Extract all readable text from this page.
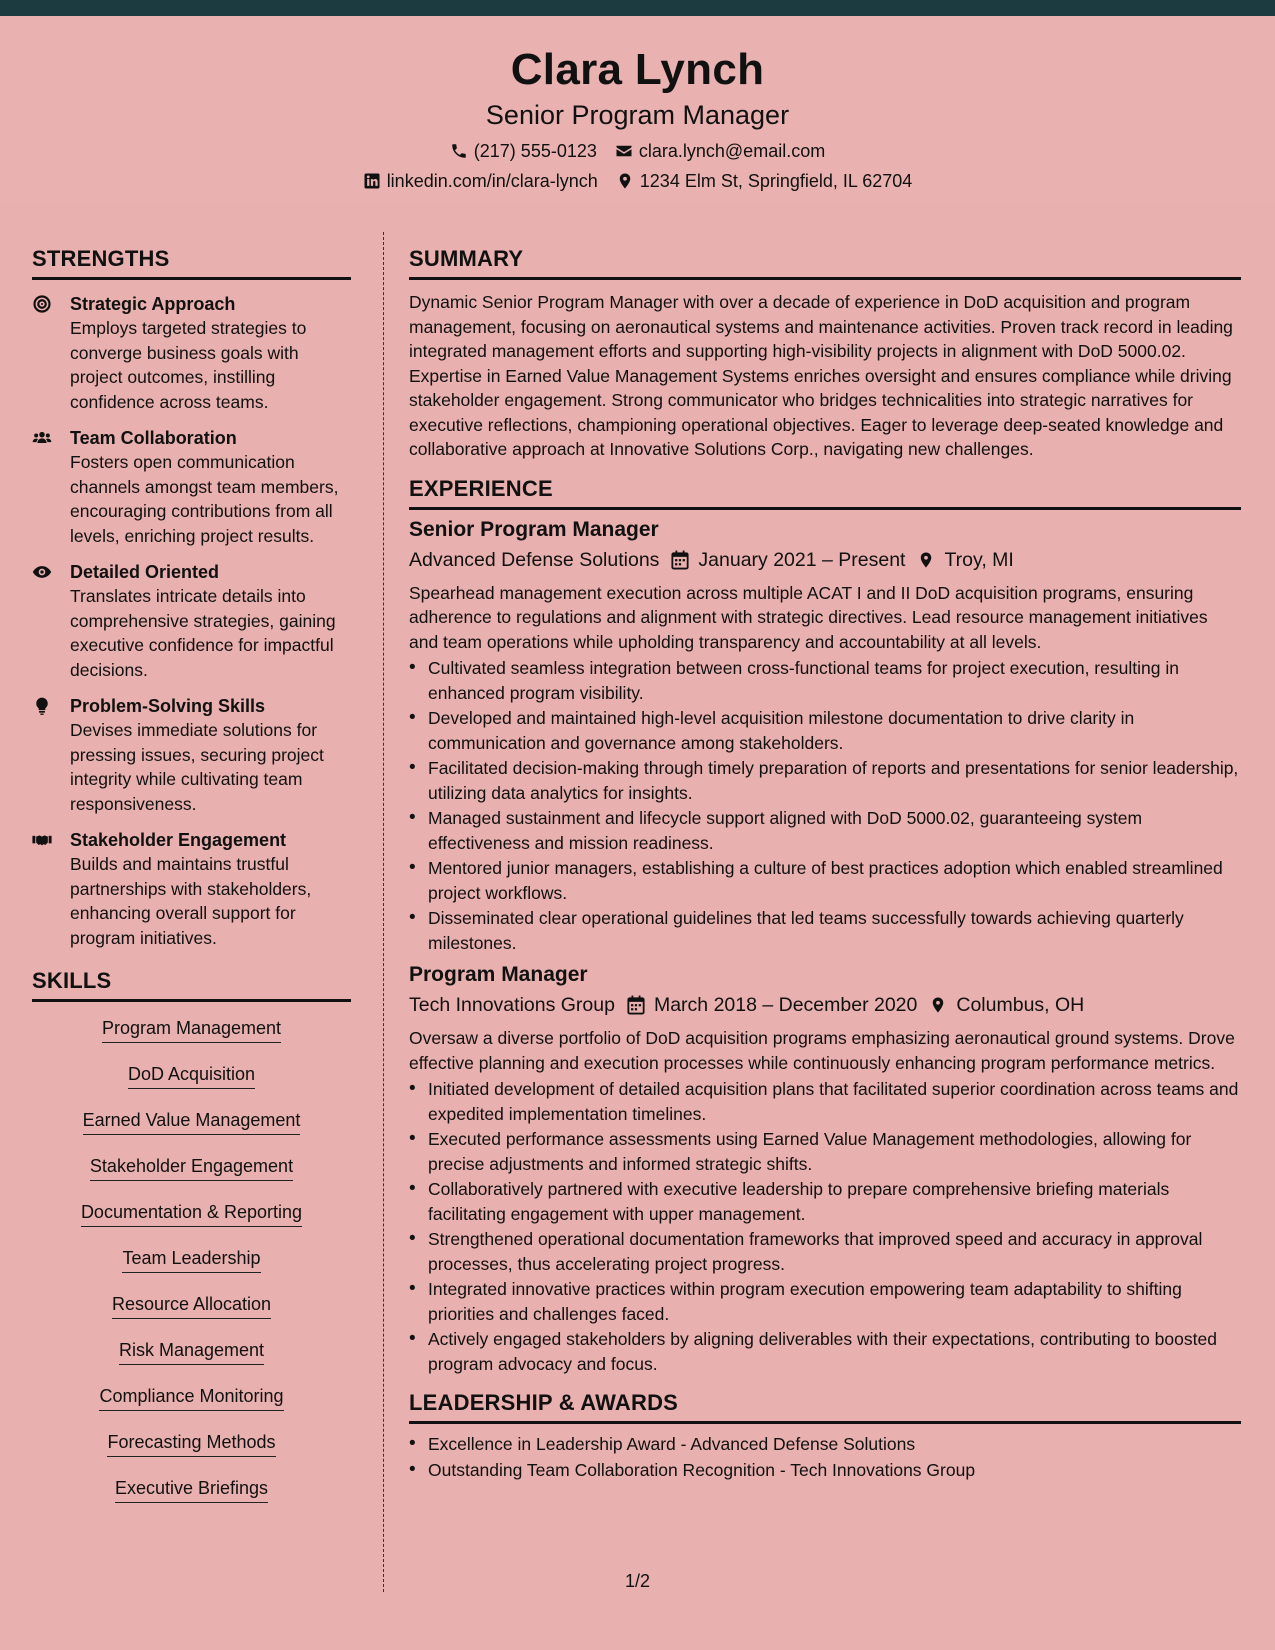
Clara Lynch
Senior Program Manager
(217) 555-0123 clara.lynch@email.com
linkedin.com/in/clara-lynch 1234 Elm St, Springfield, IL 62704
STRENGTHS
Strategic Approach
Employs targeted strategies to converge business goals with project outcomes, instilling confidence across teams.
Team Collaboration
Fosters open communication channels amongst team members, encouraging contributions from all levels, enriching project results.
Detailed Oriented
Translates intricate details into comprehensive strategies, gaining executive confidence for impactful decisions.
Problem-Solving Skills
Devises immediate solutions for pressing issues, securing project integrity while cultivating team responsiveness.
Stakeholder Engagement
Builds and maintains trustful partnerships with stakeholders, enhancing overall support for program initiatives.
SKILLS
Program Management
DoD Acquisition
Earned Value Management
Stakeholder Engagement
Documentation & Reporting
Team Leadership
Resource Allocation
Risk Management
Compliance Monitoring
Forecasting Methods
Executive Briefings
SUMMARY
Dynamic Senior Program Manager with over a decade of experience in DoD acquisition and program management, focusing on aeronautical systems and maintenance activities. Proven track record in leading integrated management efforts and supporting high-visibility projects in alignment with DoD 5000.02. Expertise in Earned Value Management Systems enriches oversight and ensures compliance while driving stakeholder engagement. Strong communicator who bridges technicalities into strategic narratives for executive reflections, championing operational objectives. Eager to leverage deep-seated knowledge and collaborative approach at Innovative Solutions Corp., navigating new challenges.
EXPERIENCE
Senior Program Manager
Advanced Defense Solutions January 2021 – Present Troy, MI
Spearhead management execution across multiple ACAT I and II DoD acquisition programs, ensuring adherence to regulations and alignment with strategic directives. Lead resource management initiatives and team operations while upholding transparency and accountability at all levels.
• Cultivated seamless integration between cross-functional teams for project execution, resulting in enhanced program visibility.
• Developed and maintained high-level acquisition milestone documentation to drive clarity in communication and governance among stakeholders.
• Facilitated decision-making through timely preparation of reports and presentations for senior leadership, utilizing data analytics for insights.
• Managed sustainment and lifecycle support aligned with DoD 5000.02, guaranteeing system effectiveness and mission readiness.
• Mentored junior managers, establishing a culture of best practices adoption which enabled streamlined project workflows.
• Disseminated clear operational guidelines that led teams successfully towards achieving quarterly milestones.
Program Manager
Tech Innovations Group March 2018 – December 2020 Columbus, OH
Oversaw a diverse portfolio of DoD acquisition programs emphasizing aeronautical ground systems. Drove effective planning and execution processes while continuously enhancing program performance metrics.
• Initiated development of detailed acquisition plans that facilitated superior coordination across teams and expedited implementation timelines.
• Executed performance assessments using Earned Value Management methodologies, allowing for precise adjustments and informed strategic shifts.
• Collaboratively partnered with executive leadership to prepare comprehensive briefing materials facilitating engagement with upper management.
• Strengthened operational documentation frameworks that improved speed and accuracy in approval processes, thus accelerating project progress.
• Integrated innovative practices within program execution empowering team adaptability to shifting priorities and challenges faced.
• Actively engaged stakeholders by aligning deliverables with their expectations, contributing to boosted program advocacy and focus.
LEADERSHIP & AWARDS
• Excellence in Leadership Award - Advanced Defense Solutions
• Outstanding Team Collaboration Recognition - Tech Innovations Group
1/2
